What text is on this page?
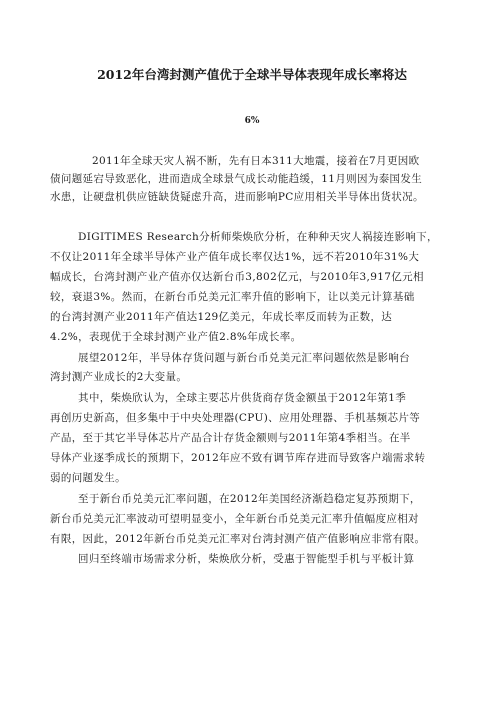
2012年台湾封测产值优于全球半导体表现年成长率将达
6%
2011年全球天灾人祸不断，先有日本311大地震，接着在7月更因欧
债问题延宕导致恶化，进而造成全球景气成长动能趋缓，11月则因为泰国发生
水患，让硬盘机供应链缺货疑虑升高，进而影响PC应用相关半导体出货状况。
DIGITIMES Research分析师柴焕欣分析，在种种天灾人祸接连影响下，
不仅让2011年全球半导体产业产值年成长率仅达1%，远不若2010年31%大
幅成长，台湾封测产业产值亦仅达新台币3,802亿元，与2010年3,917亿元相
较，衰退3%。然而，在新台币兑美元汇率升值的影响下，让以美元计算基础
的台湾封测产业2011年产值达129亿美元，年成长率反而转为正数，达
4.2%，表现优于全球封测产业产值2.8%年成长率。
展望2012年，半导体存货问题与新台币兑美元汇率问题依然是影响台
湾封测产业成长的2大变量。
其中，柴焕欣认为，全球主要芯片供货商存货金额虽于2012年第1季
再创历史新高，但多集中于中央处理器(CPU)、应用处理器、手机基频芯片等
产品，至于其它半导体芯片产品合计存货金额则与2011年第4季相当。在半
导体产业逐季成长的预期下，2012年应不致有调节库存进而导致客户端需求转
弱的问题发生。
至于新台币兑美元汇率问题，在2012年美国经济渐趋稳定复苏预期下，
新台币兑美元汇率波动可望明显变小，全年新台币兑美元汇率升值幅度应相对
有限，因此，2012年新台币兑美元汇率对台湾封测产值产值影响应非常有限。
回归至终端市场需求分析，柴焕欣分析，受惠于智能型手机与平板计算
